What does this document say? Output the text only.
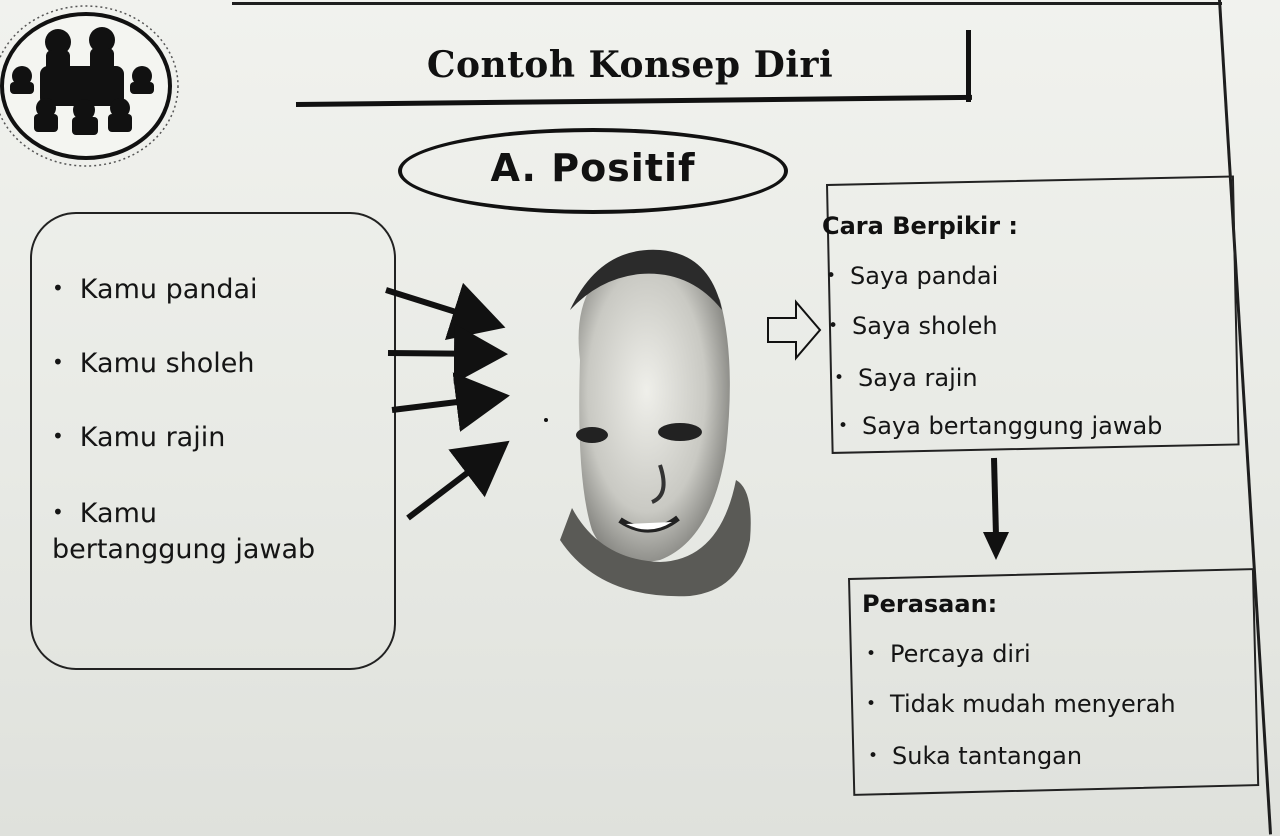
Contoh Konsep Diri
A. Positif
• Kamu pandai
• Kamu sholeh
• Kamu rajin
• Kamu
bertanggung jawab
Cara Berpikir :
• Saya pandai
• Saya sholeh
• Saya rajin
• Saya bertanggung jawab
Perasaan:
• Percaya diri
• Tidak mudah menyerah
• Suka tantangan
